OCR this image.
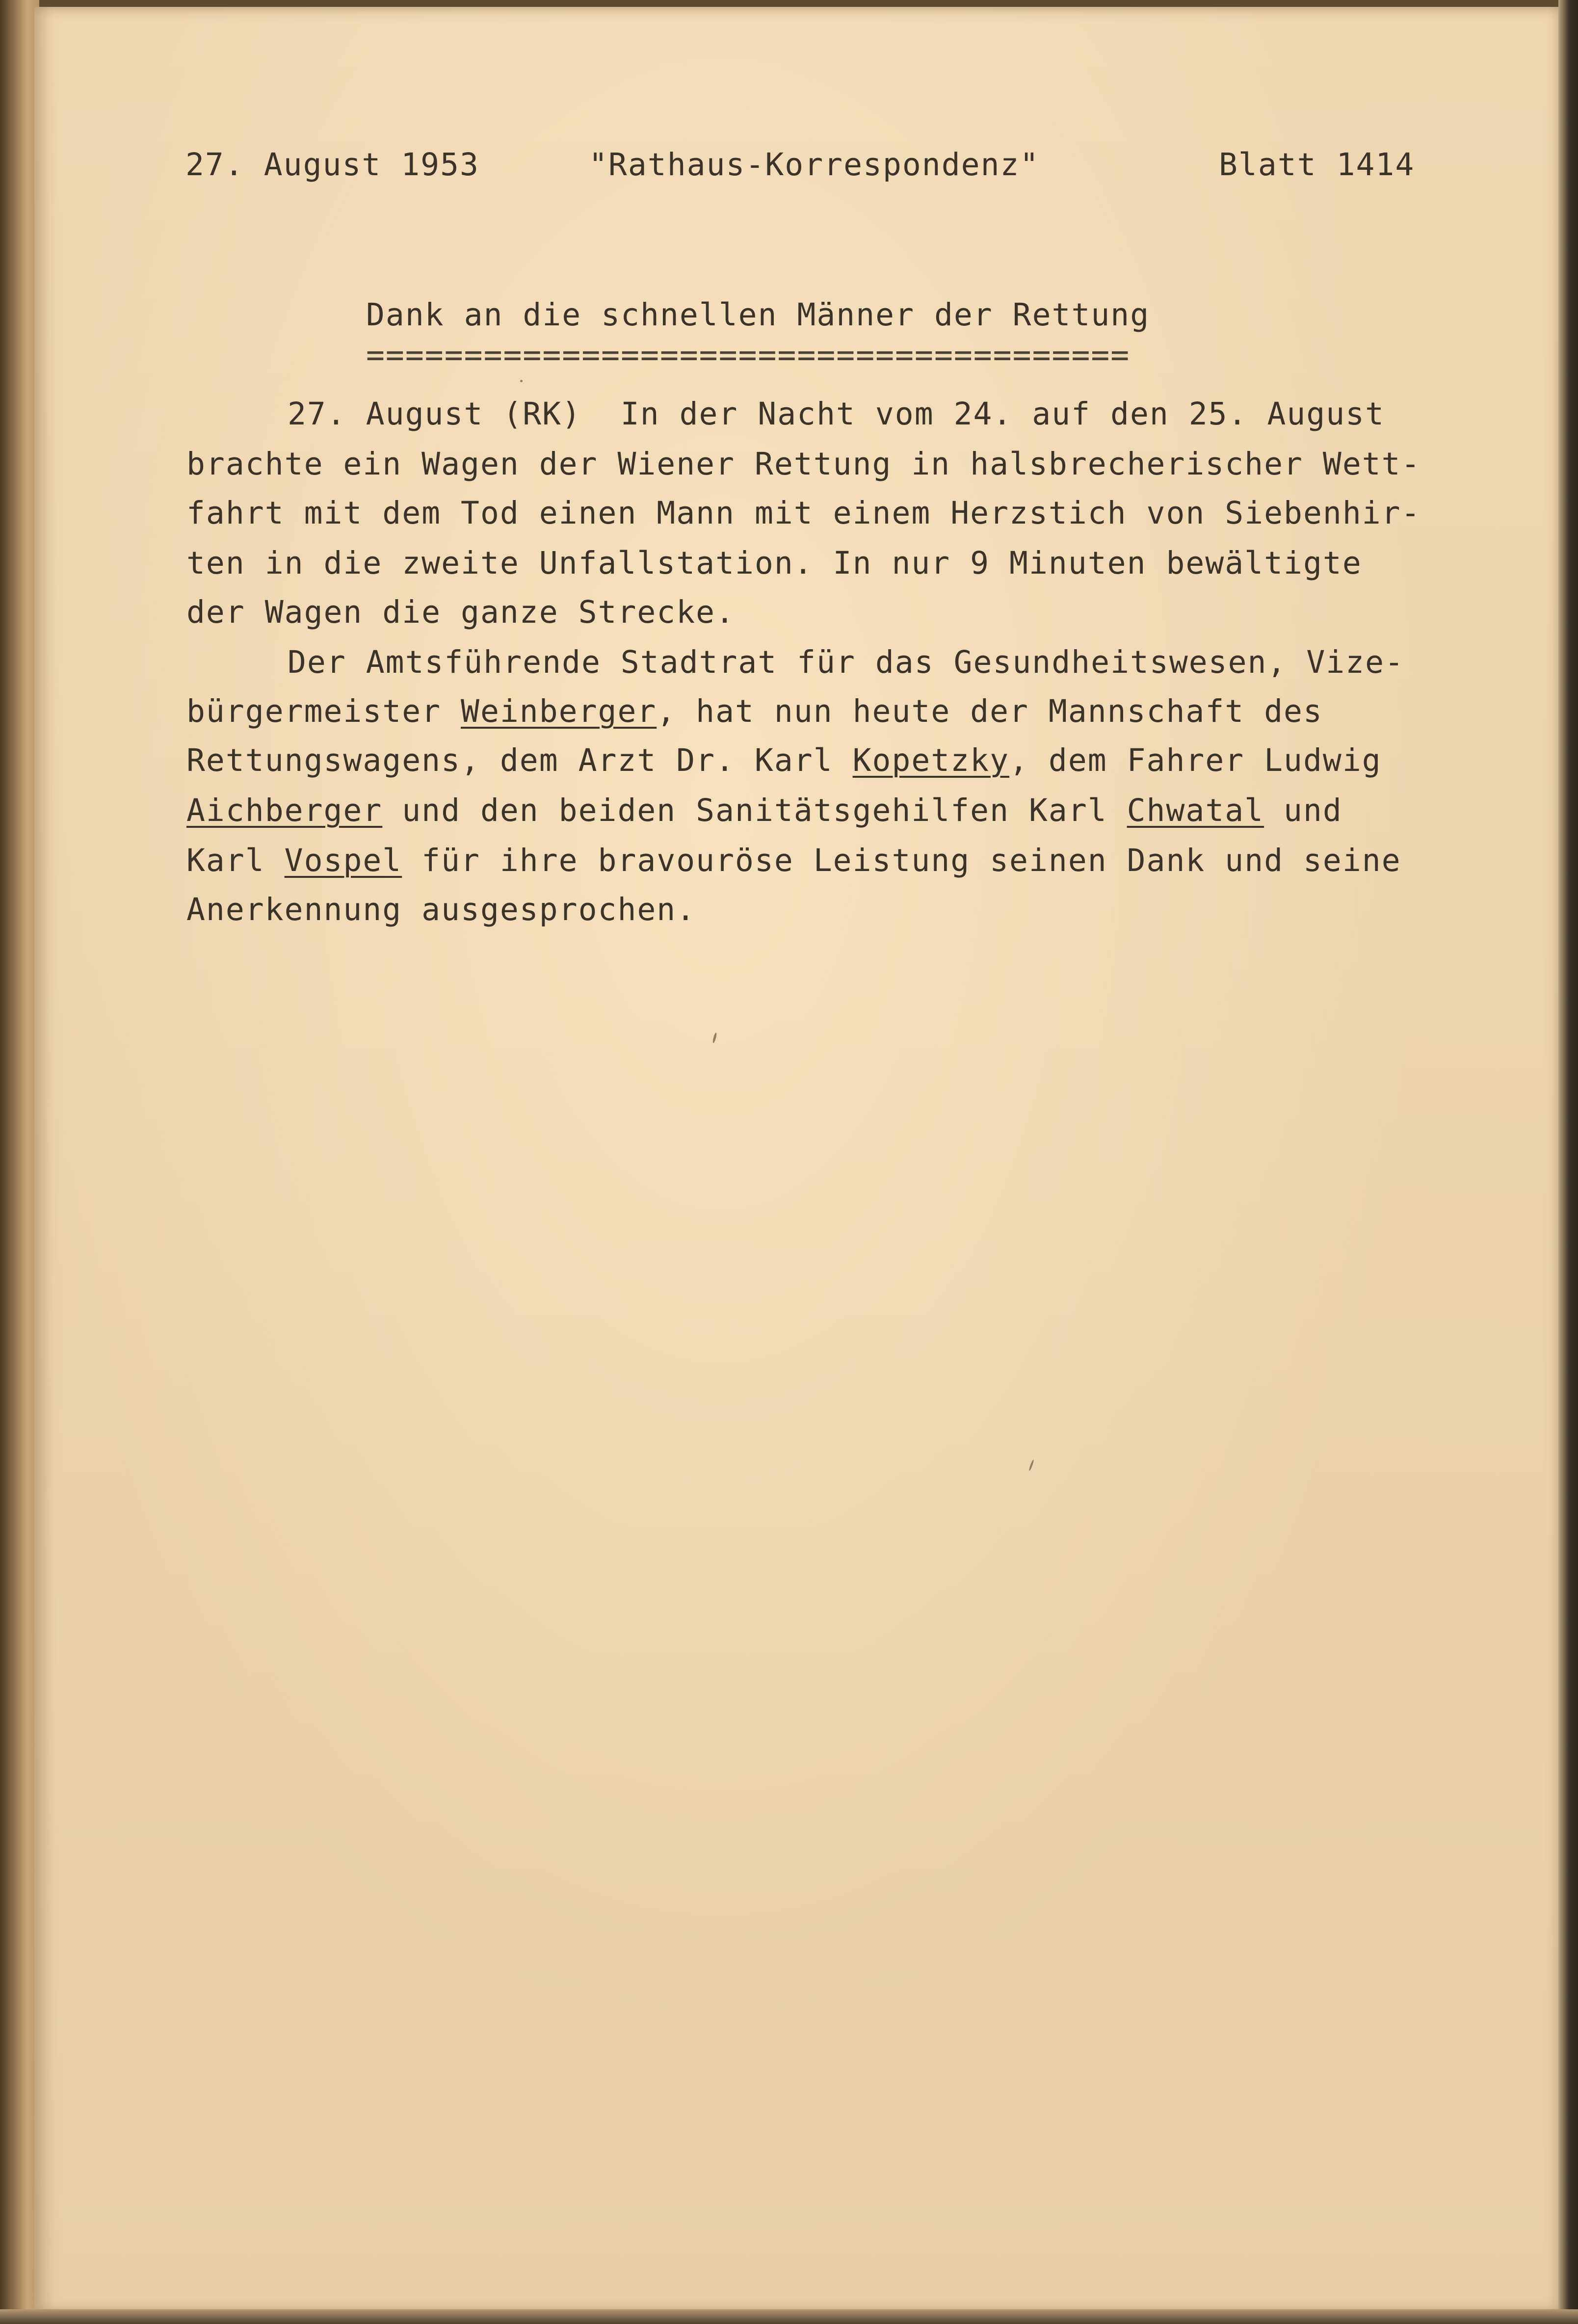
27. August 1953	"Rathaus-Korrespondenz"	Blatt 1414
Dank an die schnellen Männer der Rettung
=======================================
27. August (RK)  In der Nacht vom 24. auf den 25. August
brachte ein Wagen der Wiener Rettung in halsbrecherischer Wett-
fahrt mit dem Tod einen Mann mit einem Herzstich von Siebenhir-
ten in die zweite Unfallstation. In nur 9 Minuten bewältigte
der Wagen die ganze Strecke.
Der Amtsführende Stadtrat für das Gesundheitswesen, Vize-
bürgermeister Weinberger, hat nun heute der Mannschaft des
Rettungswagens, dem Arzt Dr. Karl Kopetzky, dem Fahrer Ludwig
Aichberger und den beiden Sanitätsgehilfen Karl Chwatal und
Karl Vospel für ihre bravouröse Leistung seinen Dank und seine
Anerkennung ausgesprochen.
